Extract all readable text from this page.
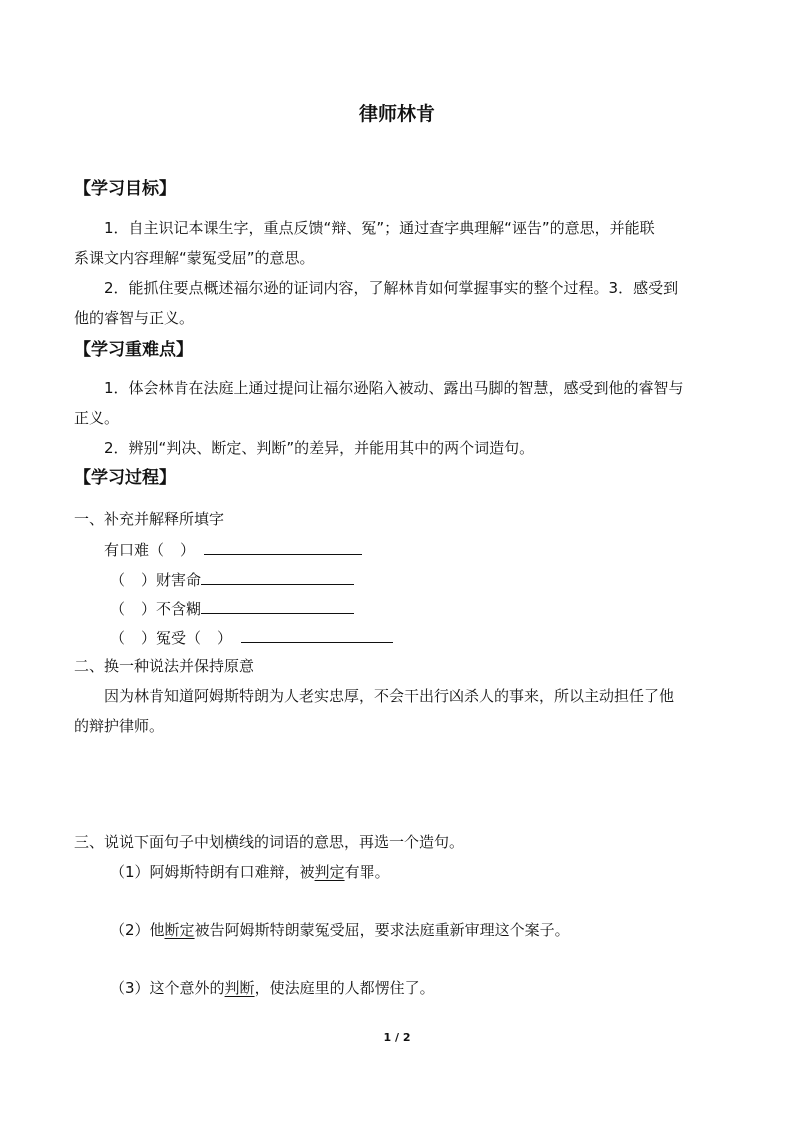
律师林肯
【学习目标】
1．自主识记本课生字，重点反馈“辩、冤”；通过查字典理解“诬告”的意思，并能联
系课文内容理解“蒙冤受屈”的意思。
2．能抓住要点概述福尔逊的证词内容，了解林肯如何掌握事实的整个过程。3．感受到
他的睿智与正义。
【学习重难点】
1．体会林肯在法庭上通过提问让福尔逊陷入被动、露出马脚的智慧，感受到他的睿智与
正义。
2．辨别“判决、断定、判断”的差异，并能用其中的两个词造句。
【学习过程】
一、补充并解释所填字
有口难（ ）
（ ）财害命
（ ）不含糊
（ ）冤受（ ）
二、换一种说法并保持原意
因为林肯知道阿姆斯特朗为人老实忠厚，不会干出行凶杀人的事来，所以主动担任了他
的辩护律师。
三、说说下面句子中划横线的词语的意思，再选一个造句。
（1）阿姆斯特朗有口难辩，被判定有罪。
（2）他断定被告阿姆斯特朗蒙冤受屈，要求法庭重新审理这个案子。
（3）这个意外的判断，使法庭里的人都愣住了。
1 / 2
